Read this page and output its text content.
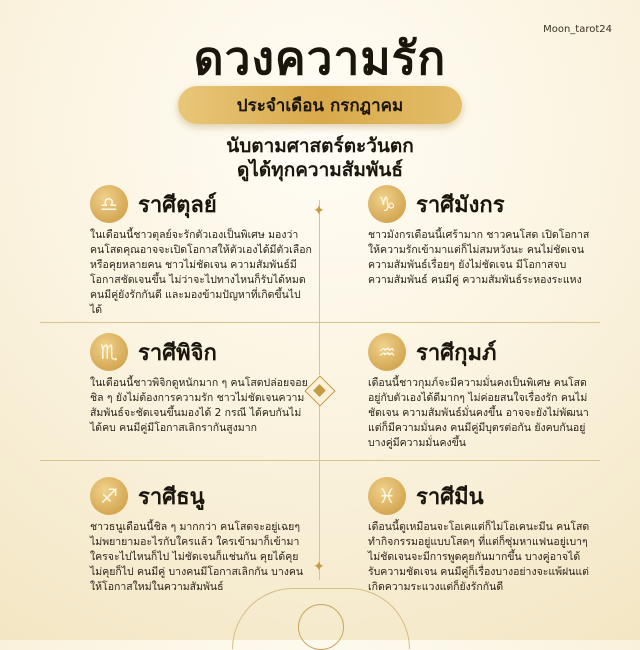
Moon_tarot24
ดวงความรัก
ประจำเดือน กรกฎาคม
นับตามศาสตร์ตะวันตก
ดูได้ทุกความสัมพันธ์
✦
✦
♎ ราศีตุลย์
ในเดือนนี้ชาวตุลย์จะรักตัวเองเป็นพิเศษ มองว่าคนโสดคุณอาจจะเปิดโอกาสให้ตัวเองได้มีตัวเลือกหรือคุยหลายคน ชาวไม่ชัดเจน ความสัมพันธ์มีโอกาสชัดเจนขึ้น ไม่ว่าจะไปทางไหนก็รับได้หมด คนมีคู่ยังรักกันดี และมองข้ามปัญหาที่เกิดขึ้นไปได้
♑ ราศีมังกร
ชาวมังกรเดือนนี้เศร้ามาก ชาวคนโสด เปิดโอกาสให้ความรักเข้ามาแต่ก็ไม่สมหวังนะ คนไม่ชัดเจนความสัมพันธ์เรื่อยๆ ยังไม่ชัดเจน มีโอกาสจบความสัมพันธ์ คนมีคู่ ความสัมพันธ์ระหองระแหง
♏ ราศีพิจิก
ในเดือนนี้ชาวพิจิกดูหนักมาก ๆ คนโสดปล่อยจอยชิล ๆ ยังไม่ต้องการความรัก ชาวไม่ชัดเจนความสัมพันธ์จะชัดเจนขึ้นมองได้ 2 กรณี ได้คบกันไม่ได้คบ คนมีคู่มีโอกาสเลิกรากันสูงมาก
♒ ราศีกุมภ์
เดือนนี้ชาวกุมภ์จะมีความมั่นคงเป็นพิเศษ คนโสด อยู่กับตัวเองได้ดีมากๆ ไม่ค่อยสนใจเรื่องรัก คนไม่ชัดเจน ความสัมพันธ์มั่นคงขึ้น อาจจะยังไม่พัฒนาแต่ก็มีความมั่นคง คนมีคู่มีบุตรต่อกัน ยังคบกันอยู่ บางคู่มีความมั่นคงขึ้น
♐ ราศีธนู
ชาวธนูเดือนนี้ชิล ๆ มากกว่า คนโสดจะอยู่เฉยๆ ไม่พยายามอะไรกับใครแล้ว ใครเข้ามาก็เข้ามา ใครจะไปไหนก็ไป ไม่ชัดเจนก็แช่นกัน คุยได้คุย ไม่คุยก็ไป คนมีคู่ บางคนมีโอกาสเลิกกัน บางคนให้โอกาสใหม่ในความสัมพันธ์
♓ ราศีมีน
เดือนนี้ดูเหมือนจะโอเคแต่ก็ไม่โอเคนะมีน คนโสดทำกิจกรรมอยู่แบบโสดๆ ที่แต่ก็ซุ่มหาแฟนอยู่เบาๆ ไม่ชัดเจนจะมีการพูดคุยกันมากขึ้น บางคู่อาจได้รับความชัดเจน คนมีคู่ก็เรื่องบางอย่างจะแพ้ฝนแต่เกิดความระแวงแต่ก็ยังรักกันดี
